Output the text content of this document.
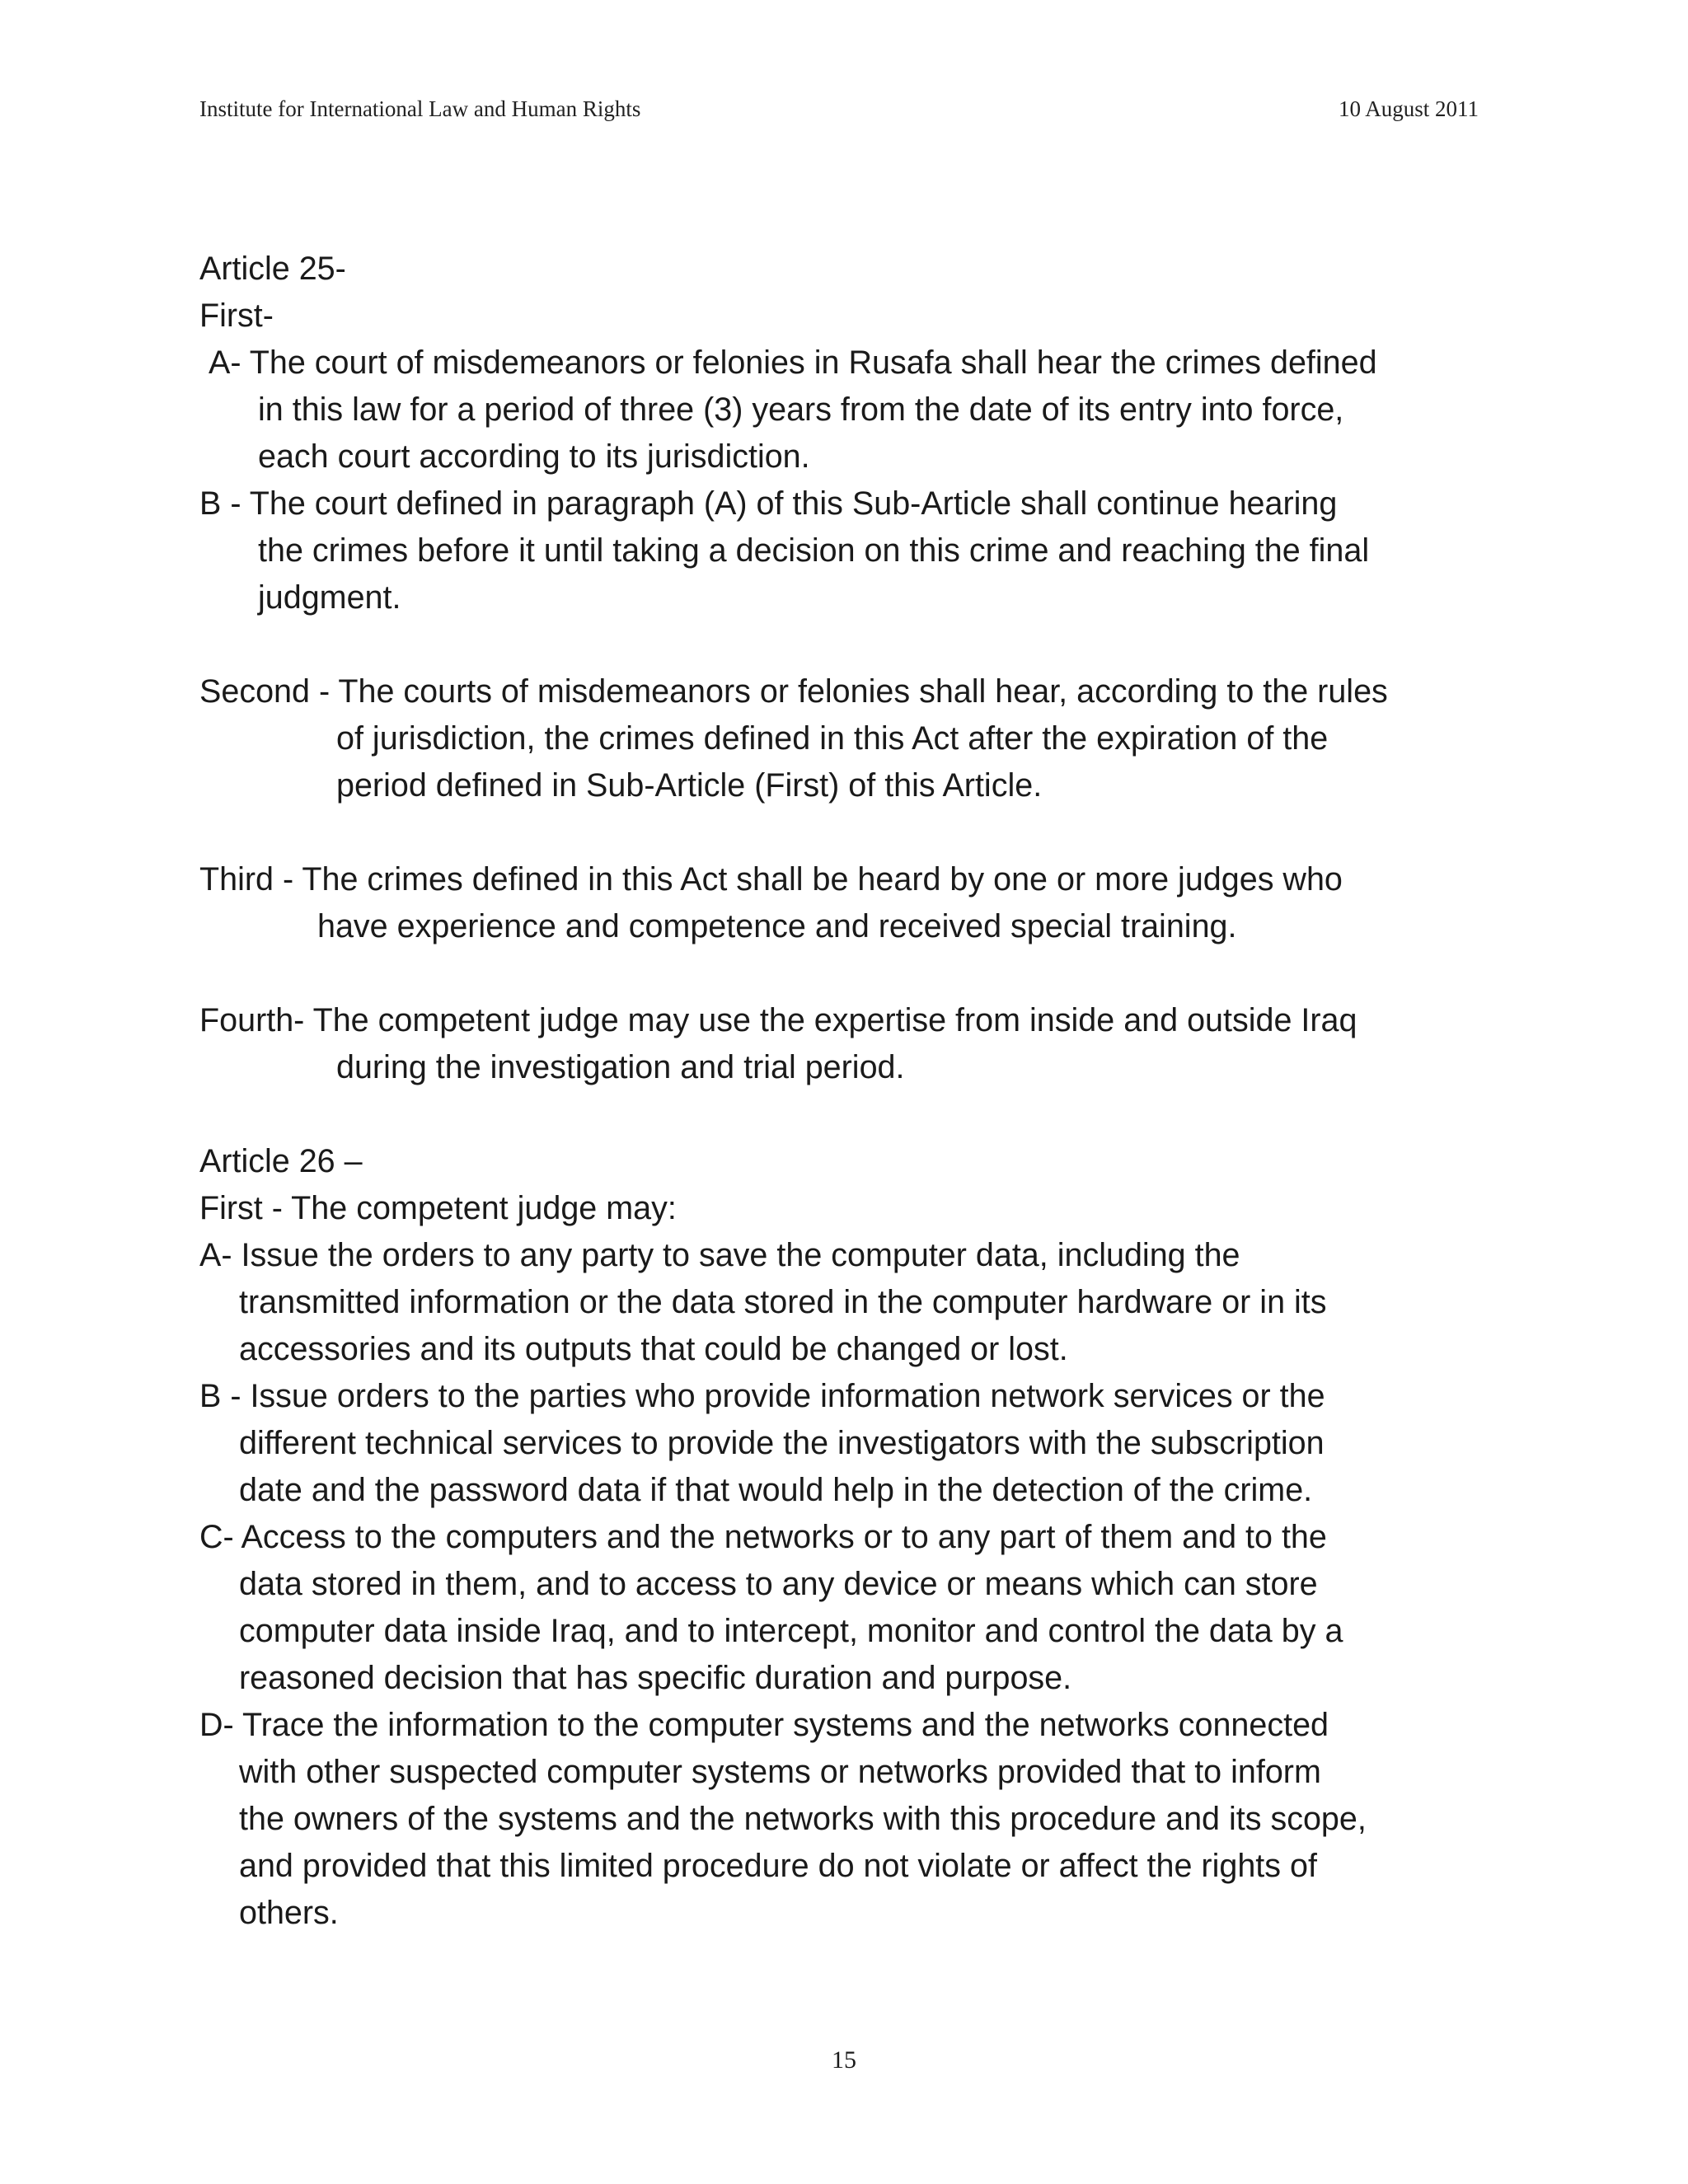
Institute for International Law and Human Rights	10 August 2011
Article 25-
First-
A- The court of misdemeanors or felonies in Rusafa shall hear the crimes defined
in this law for a period of three (3) years from the date of its entry into force,
each court according to its jurisdiction.
B - The court defined in paragraph (A) of this Sub-Article shall continue hearing
the crimes before it until taking a decision on this crime and reaching the final
judgment.
Second - The courts of misdemeanors or felonies shall hear, according to the rules
of jurisdiction, the crimes defined in this Act after the expiration of the
period defined in Sub-Article (First) of this Article.
Third - The crimes defined in this Act shall be heard by one or more judges who
have experience and competence and received special training.
Fourth- The competent judge may use the expertise from inside and outside Iraq
during the investigation and trial period.
Article 26 –
First - The competent judge may:
A- Issue the orders to any party to save the computer data, including the
transmitted information or the data stored in the computer hardware or in its
accessories and its outputs that could be changed or lost.
B - Issue orders to the parties who provide information network services or the
different technical services to provide the investigators with the subscription
date and the password data if that would help in the detection of the crime.
C- Access to the computers and the networks or to any part of them and to the
data stored in them, and to access to any device or means which can store
computer data inside Iraq, and to intercept, monitor and control the data by a
reasoned decision that has specific duration and purpose.
D- Trace the information to the computer systems and the networks connected
with other suspected computer systems or networks provided that to inform
the owners of the systems and the networks with this procedure and its scope,
and provided that this limited procedure do not violate or affect the rights of
others.
15
